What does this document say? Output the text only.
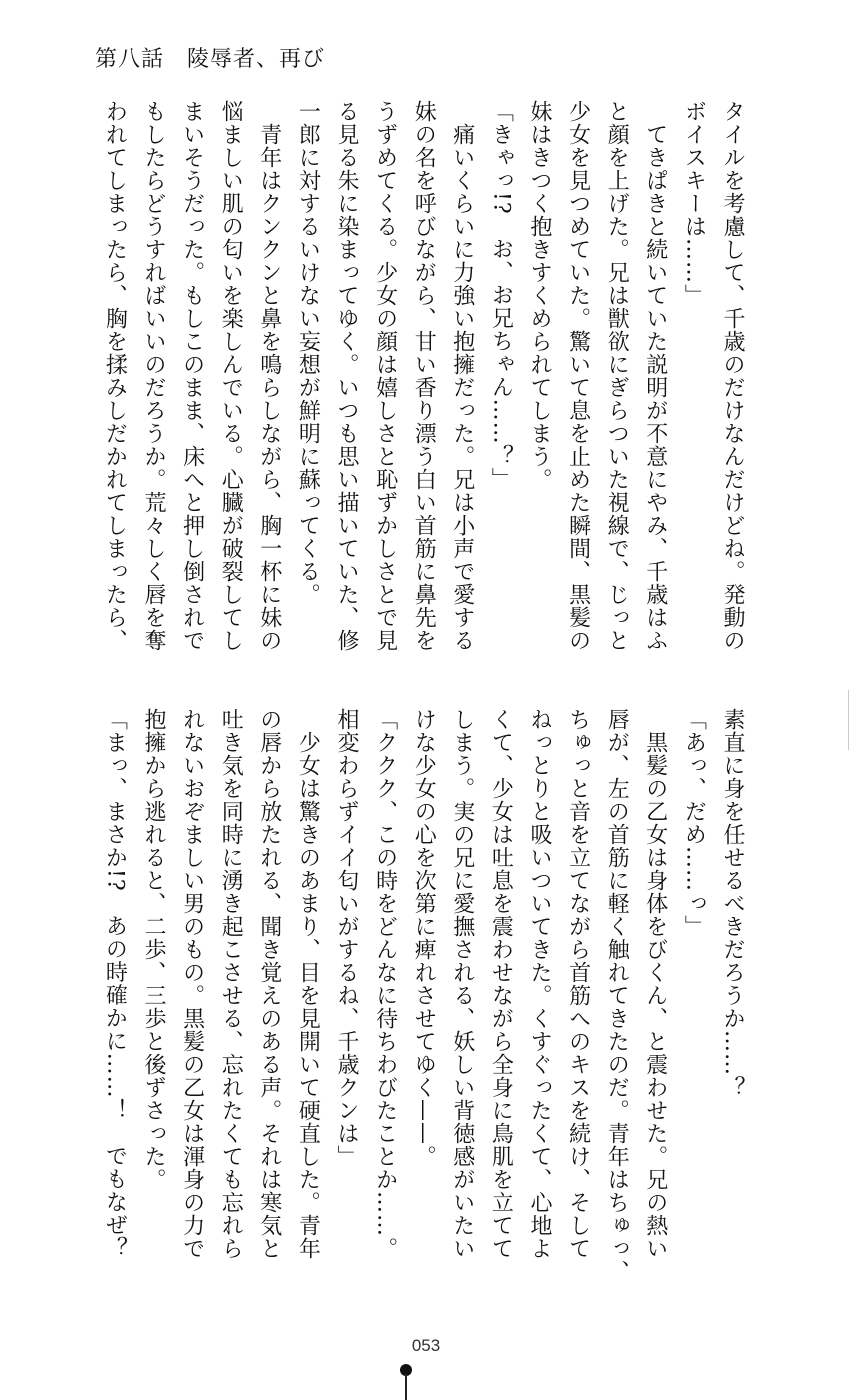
第八話　陵辱者、再び
タイルを考慮して、千歳のだけなんだけどね。発動の
ボイスキーは……」
　てきぱきと続いていた説明が不意にやみ、千歳はふ
と顔を上げた。兄は獣欲にぎらついた視線で、じっと
少女を見つめていた。驚いて息を止めた瞬間、黒髪の
妹はきつく抱きすくめられてしまう。
「きゃっ!?　お、お兄ちゃん……？」
　痛いくらいに力強い抱擁だった。兄は小声で愛する
妹の名を呼びながら、甘い香り漂う白い首筋に鼻先を
うずめてくる。少女の顔は嬉しさと恥ずかしさとで見
る見る朱に染まってゆく。いつも思い描いていた、修
一郎に対するいけない妄想が鮮明に蘇ってくる。
　青年はクンクンと鼻を鳴らしながら、胸一杯に妹の
悩ましい肌の匂いを楽しんでいる。心臓が破裂してし
まいそうだった。もしこのまま、床へと押し倒されで
もしたらどうすればいいのだろうか。荒々しく唇を奪
われてしまったら、胸を揉みしだかれてしまったら、
素直に身を任せるべきだろうか……？
「あっ、だめ……っ」
　黒髪の乙女は身体をびくん、と震わせた。兄の熱い
唇が、左の首筋に軽く触れてきたのだ。青年はちゅっ、
ちゅっと音を立てながら首筋へのキスを続け、そして
ねっとりと吸いついてきた。くすぐったくて、心地よ
くて、少女は吐息を震わせながら全身に鳥肌を立てて
しまう。実の兄に愛撫される、妖しい背徳感がいたい
けな少女の心を次第に痺れさせてゆく——。
「ククク、この時をどんなに待ちわびたことか……。
相変わらずイイ匂いがするね、千歳クンは」
　少女は驚きのあまり、目を見開いて硬直した。青年
の唇から放たれる、聞き覚えのある声。それは寒気と
吐き気を同時に湧き起こさせる、忘れたくても忘れら
れないおぞましい男のもの。黒髪の乙女は渾身の力で
抱擁から逃れると、二歩、三歩と後ずさった。
「まっ、まさか!?　あの時確かに……！　でもなぜ？
053
